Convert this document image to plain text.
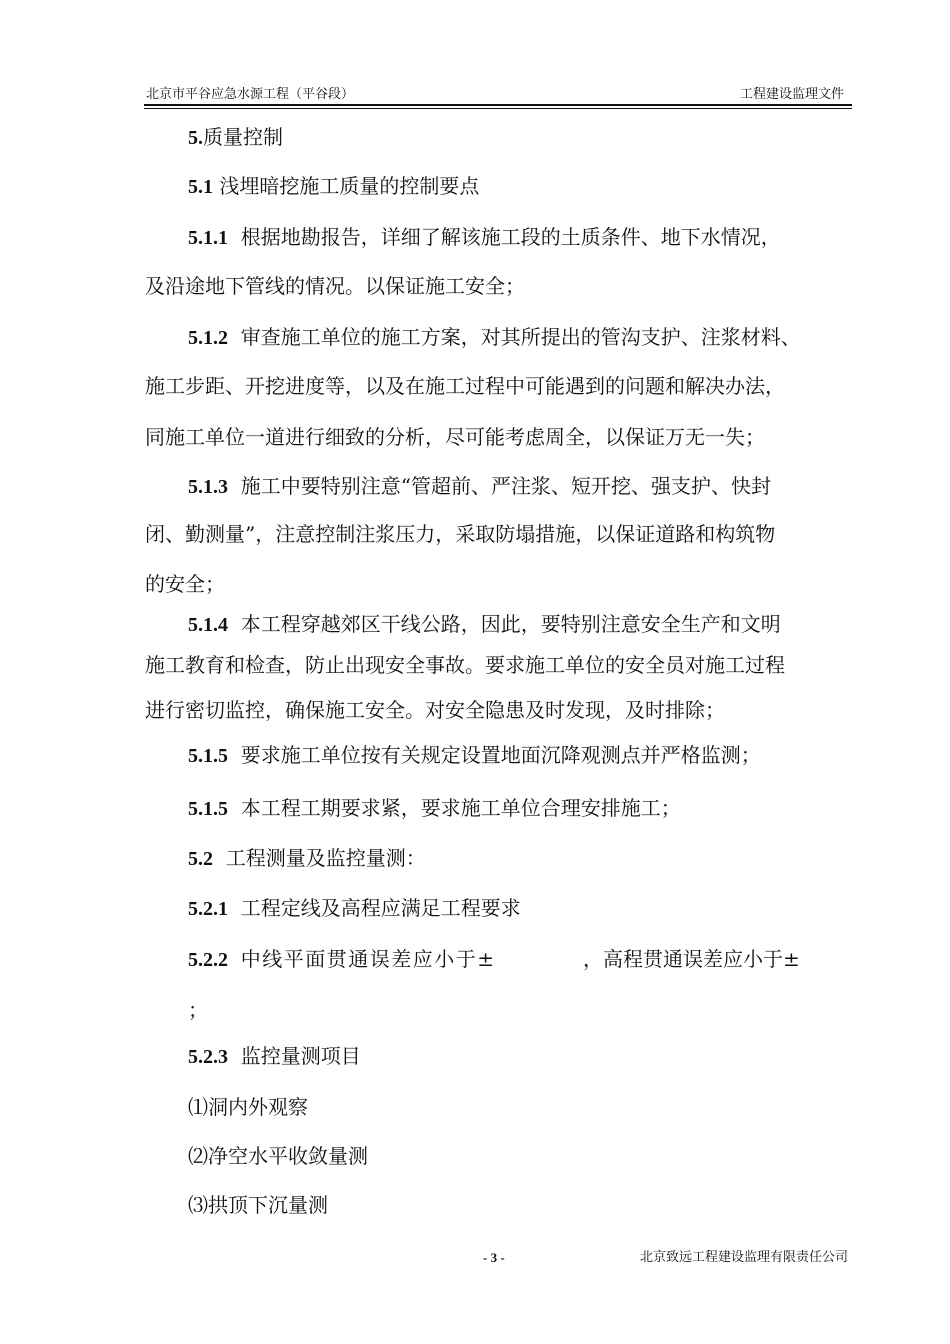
北京市平谷应急水源工程（平谷段）	工程建设监理文件
5.质量控制
5.1 浅埋暗挖施工质量的控制要点
5.1.1 根据地勘报告，详细了解该施工段的土质条件、地下水情况，
及沿途地下管线的情况。以保证施工安全；
5.1.2 审查施工单位的施工方案，对其所提出的管沟支护、注浆材料、
施工步距、开挖进度等，以及在施工过程中可能遇到的问题和解决办法，
同施工单位一道进行细致的分析，尽可能考虑周全，以保证万无一失；
5.1.3 施工中要特别注意“管超前、严注浆、短开挖、强支护、快封
闭、勤测量”，注意控制注浆压力，采取防塌措施，以保证道路和构筑物
的安全；
5.1.4 本工程穿越郊区干线公路，因此，要特别注意安全生产和文明
施工教育和检查，防止出现安全事故。要求施工单位的安全员对施工过程
进行密切监控，确保施工安全。对安全隐患及时发现，及时排除；
5.1.5 要求施工单位按有关规定设置地面沉降观测点并严格监测；
5.1.5 本工程工期要求紧，要求施工单位合理安排施工；
5.2 工程测量及监控量测：
5.2.1 工程定线及高程应满足工程要求
5.2.2 中线平面贯通误差应小于±	，高程贯通误差应小于±
；
5.2.3 监控量测项目
⑴洞内外观察
⑵净空水平收敛量测
⑶拱顶下沉量测
- 3 -	北京致远工程建设监理有限责任公司
